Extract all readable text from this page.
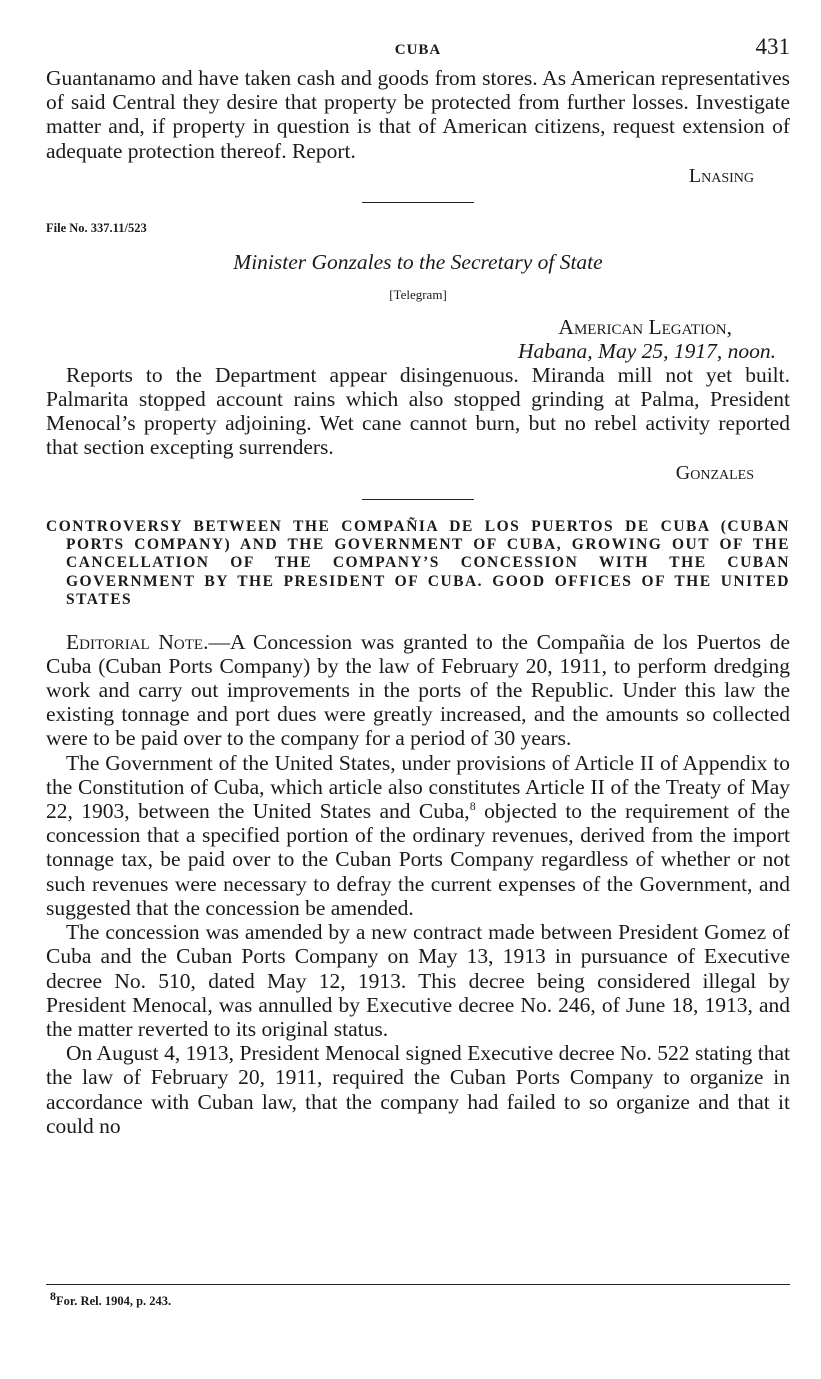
CUBA	431

Guantanamo and have taken cash and goods from stores. As American representatives of said Central they desire that property be protected from further losses. Investigate matter and, if property in question is that of American citizens, request extension of adequate protection thereof. Report.

Lnasing
File No. 337.11/523
Minister Gonzales to the Secretary of State
[Telegram]
American Legation,
Habana, May 25, 1917, noon.

Reports to the Department appear disingenuous. Miranda mill not yet built. Palmarita stopped account rains which also stopped grinding at Palma, President Menocal’s property adjoining. Wet cane cannot burn, but no rebel activity reported that section excepting surrenders.

Gonzales
CONTROVERSY BETWEEN THE COMPAÑIA DE LOS PUERTOS DE CUBA (CUBAN PORTS COMPANY) AND THE GOVERNMENT OF CUBA, GROWING OUT OF THE CANCELLATION OF THE COMPANY’S CONCESSION WITH THE CUBAN GOVERNMENT BY THE PRESIDENT OF CUBA. GOOD OFFICES OF THE UNITED STATES

Editorial Note.—A Concession was granted to the Compañia de los Puertos de Cuba (Cuban Ports Company) by the law of February 20, 1911, to perform dredging work and carry out improvements in the ports of the Republic. Under this law the existing tonnage and port dues were greatly increased, and the amounts so collected were to be paid over to the company for a period of 30 years.

The Government of the United States, under provisions of Article II of Appendix to the Constitution of Cuba, which article also constitutes Article II of the Treaty of May 22, 1903, between the United States and Cuba,$^8$ objected to the requirement of the concession that a specified portion of the ordinary revenues, derived from the import tonnage tax, be paid over to the Cuban Ports Company regardless of whether or not such revenues were necessary to defray the current expenses of the Government, and suggested that the concession be amended.

The concession was amended by a new contract made between President Gomez of Cuba and the Cuban Ports Company on May 13, 1913 in pursuance of Executive decree No. 510, dated May 12, 1913. This decree being considered illegal by President Menocal, was annulled by Executive decree No. 246, of June 18, 1913, and the matter reverted to its original status.

On August 4, 1913, President Menocal signed Executive decree No. 522 stating that the law of February 20, 1911, required the Cuban Ports Company to organize in accordance with Cuban law, that the company had failed to so organize and that it could no

$^8$For. Rel. 1904, p. 243.
